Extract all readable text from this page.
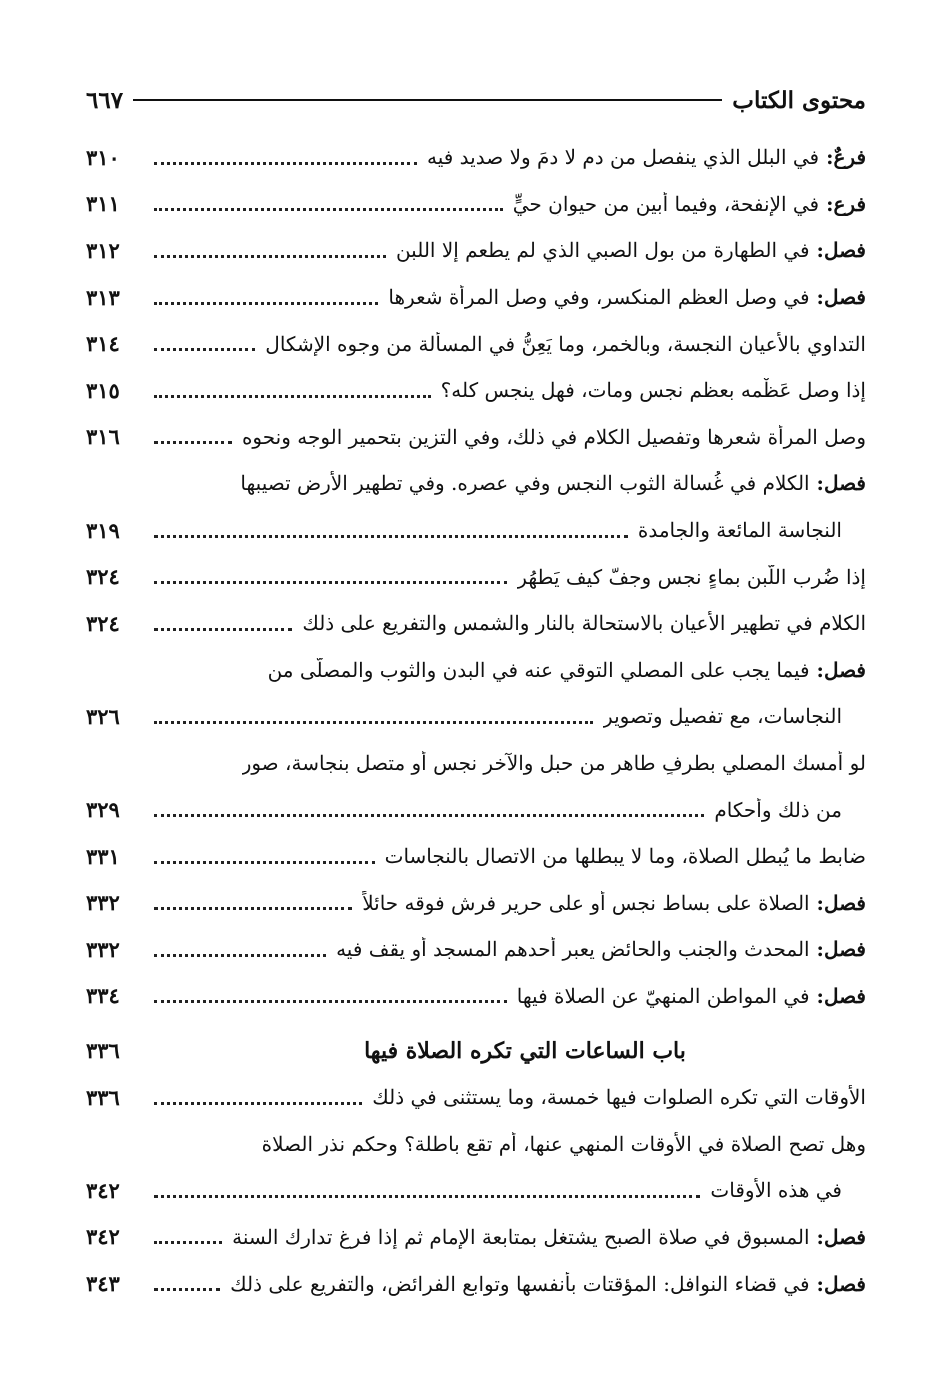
محتوى الكتاب
٦٦٧
فرعٌ: في البلل الذي ينفصل من دمٍ لا دمَ ولا صديد فيه
٣١٠
فرع: في الإنفحة، وفيما أُبين من حيوانٍ حيٍّ
٣١١
فصل: في الطهارة من بول الصبي الذي لم يطعم إلا اللبن
٣١٢
فصل: في وصل العظم المنكسر، وفي وصل المرأة شعرها
٣١٣
التداوي بالأعيان النجسة، وبالخمر، وما يَعِنُّ في المسألة من وجوه الإشكال
٣١٤
إذا وصل عَظْمه بعظمِ نجس ومات، فهل ينجس كله؟
٣١٥
وصل المرأة شعرها وتفصيل الكلام في ذلك، وفي التزين بتحمير الوجه ونحوه
٣١٦
فصل: الكلام في غُسالة الثوب النجس وفي عصره. وفي تطهير الأرض تصيبها
النجاسة المائعة والجامدة
٣١٩
إذا ضُرب اللَّبن بماءٍ نجس وجفّ كيف يَطهُر
٣٢٤
الكلام في تطهير الأعيان بالاستحالة بالنار والشمس والتفريع على ذلك
٣٢٤
فصل: فيما يجب على المصلي التوقي عنه في البدن والثوب والمصلَّى من
النجاسات، مع تفصيل وتصوير
٣٢٦
لو أمسك المصلي بطرفٍ طاهرٍ من حبل والآخر نجس أو متصل بنجاسة، صور
من ذلك وأحكام
٣٢٩
ضابط ما يُبطل الصلاة، وما لا يبطلها من الاتصال بالنجاسات
٣٣١
فصل: الصلاة على بساط نجس أو على حرير فرش فوقه حائلاً
٣٣٢
فصل: المحدث والجنب والحائض يعبر أحدهم المسجد أو يقف فيه
٣٣٢
فصل: في المواطن المنهيّ عن الصلاة فيها
٣٣٤
باب الساعات التي تكره الصلاة فيها
٣٣٦
الأوقات التي تكره الصلوات فيها خمسة، وما يستثنى في ذلك
٣٣٦
وهل تصح الصلاة في الأوقات المنهي عنها، أم تقع باطلة؟ وحكم نذر الصلاة
في هذه الأوقات
٣٤٢
فصل: المسبوق في صلاة الصبح يشتغل بمتابعة الإمام ثم إذا فرغ تدارك السنة
٣٤٢
فصل: في قضاء النوافل: المؤقتات بأنفسها وتوابع الفرائض، والتفريع على ذلك
٣٤٣
